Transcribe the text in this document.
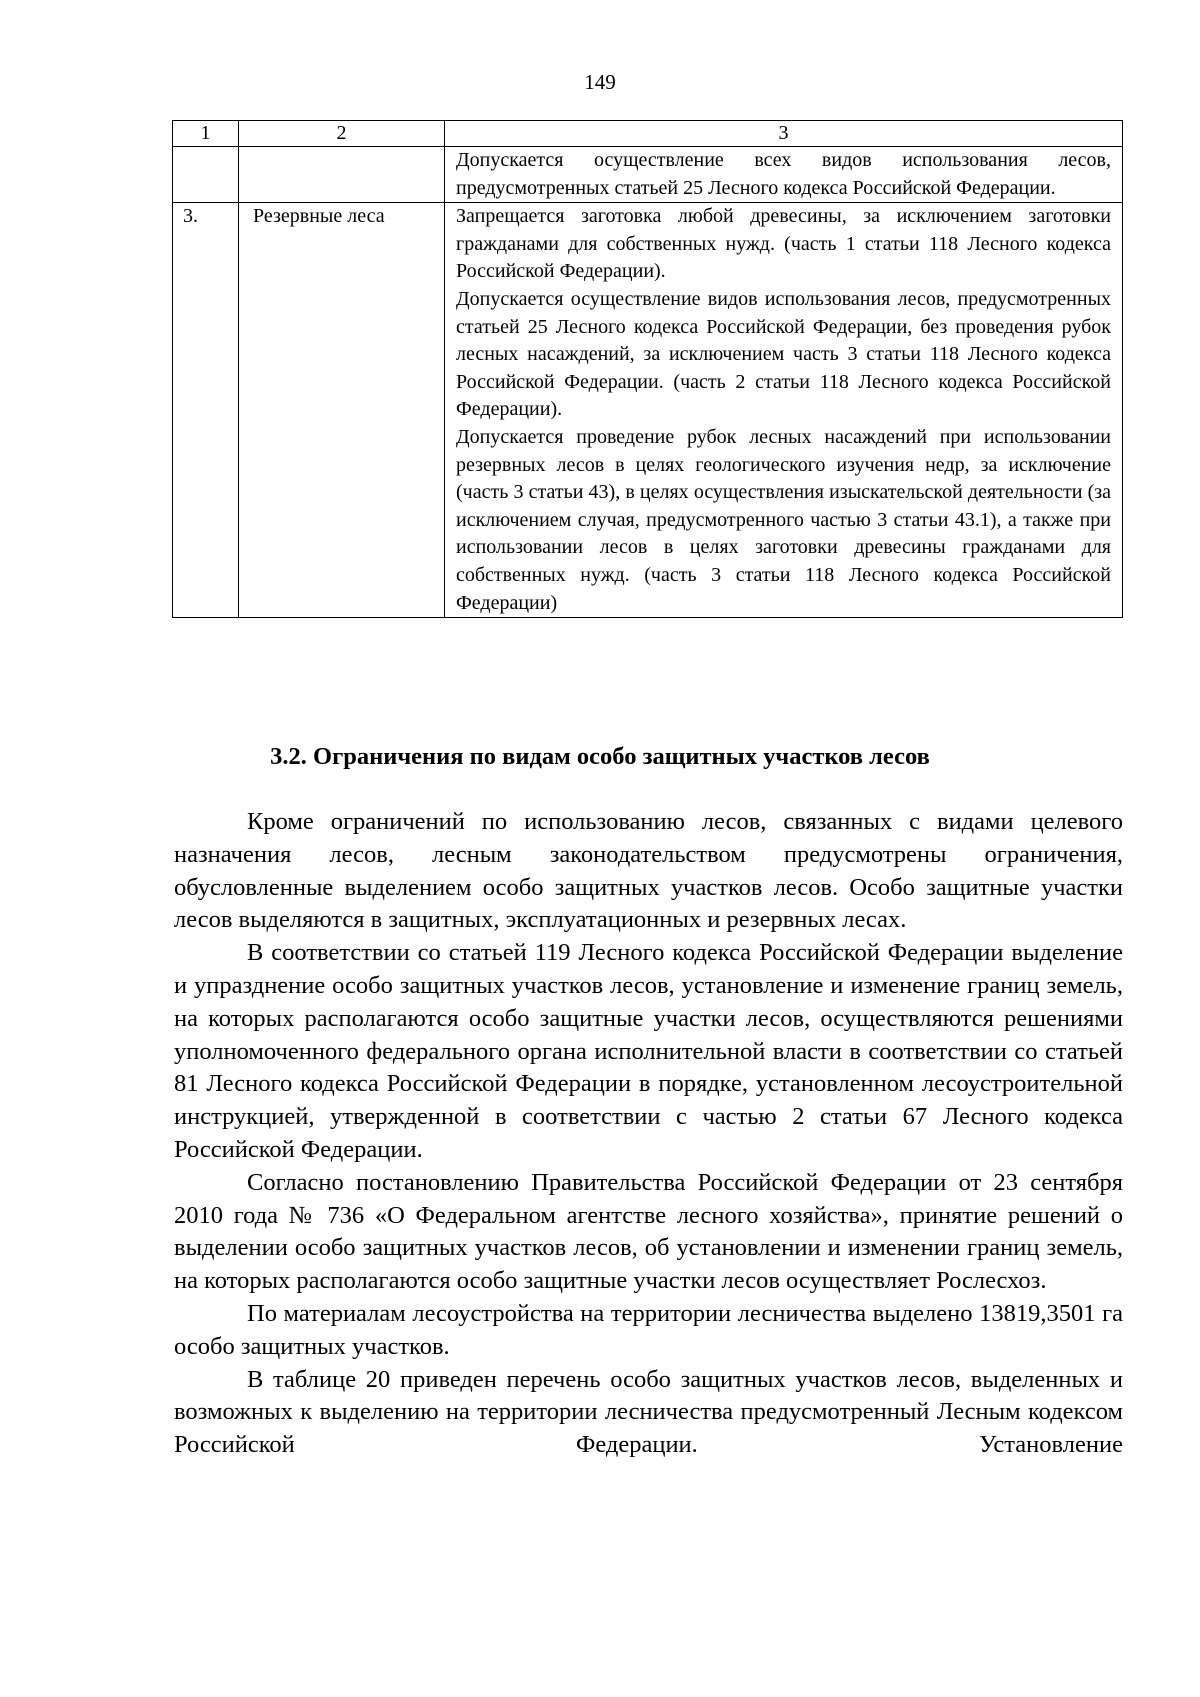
149
1	2	3

		Допускается осуществление всех видов использования лесов, предусмотренных статьей 25 Лесного кодекса Российской Федерации.

3.	Резервные леса	Запрещается заготовка любой древесины, за исключением заготовки гражданами для собственных нужд. (часть 1 статьи 118 Лесного кодекса Российской Федерации).

Допускается осуществление видов использования лесов, предусмотренных статьей 25 Лесного кодекса Российской Федерации, без проведения рубок лесных насаждений, за исключением часть 3 статьи 118 Лесного кодекса Российской Федерации. (часть 2 статьи 118 Лесного кодекса Российской Федерации).

Допускается проведение рубок лесных насаждений при использовании резервных лесов в целях геологического изучения недр, за исключение (часть 3 статьи 43), в целях осуществления изыскательской деятельности (за исключением случая, предусмотренного частью 3 статьи 43.1), а также при использовании лесов в целях заготовки древесины гражданами для собственных нужд. (часть 3 статьи 118 Лесного кодекса Российской Федерации)

3.2. Ограничения по видам особо защитных участков лесов

Кроме ограничений по использованию лесов, связанных с видами целевого назначения лесов, лесным законодательством предусмотрены ограничения, обусловленные выделением особо защитных участков лесов. Особо защитные участки лесов выделяются в защитных, эксплуатационных и резервных лесах.

В соответствии со статьей 119 Лесного кодекса Российской Федерации выделение и упразднение особо защитных участков лесов, установление и изменение границ земель, на которых располагаются особо защитные участки лесов, осуществляются решениями уполномоченного федерального органа исполнительной власти в соответствии со статьей 81 Лесного кодекса Российской Федерации в порядке, установленном лесоустроительной инструкцией, утвержденной в соответствии с частью 2 статьи 67 Лесного кодекса Российской Федерации.

Согласно постановлению Правительства Российской Федерации от 23 сентября 2010 года № 736 «О Федеральном агентстве лесного хозяйства», принятие решений о выделении особо защитных участков лесов, об установлении и изменении границ земель, на которых располагаются особо защитные участки лесов осуществляет Рослесхоз.

По материалам лесоустройства на территории лесничества выделено 13819,3501 га особо защитных участков.

В таблице 20 приведен перечень особо защитных участков лесов, выделенных и возможных к выделению на территории лесничества предусмотренный Лесным кодексом Российской Федерации. Установление
